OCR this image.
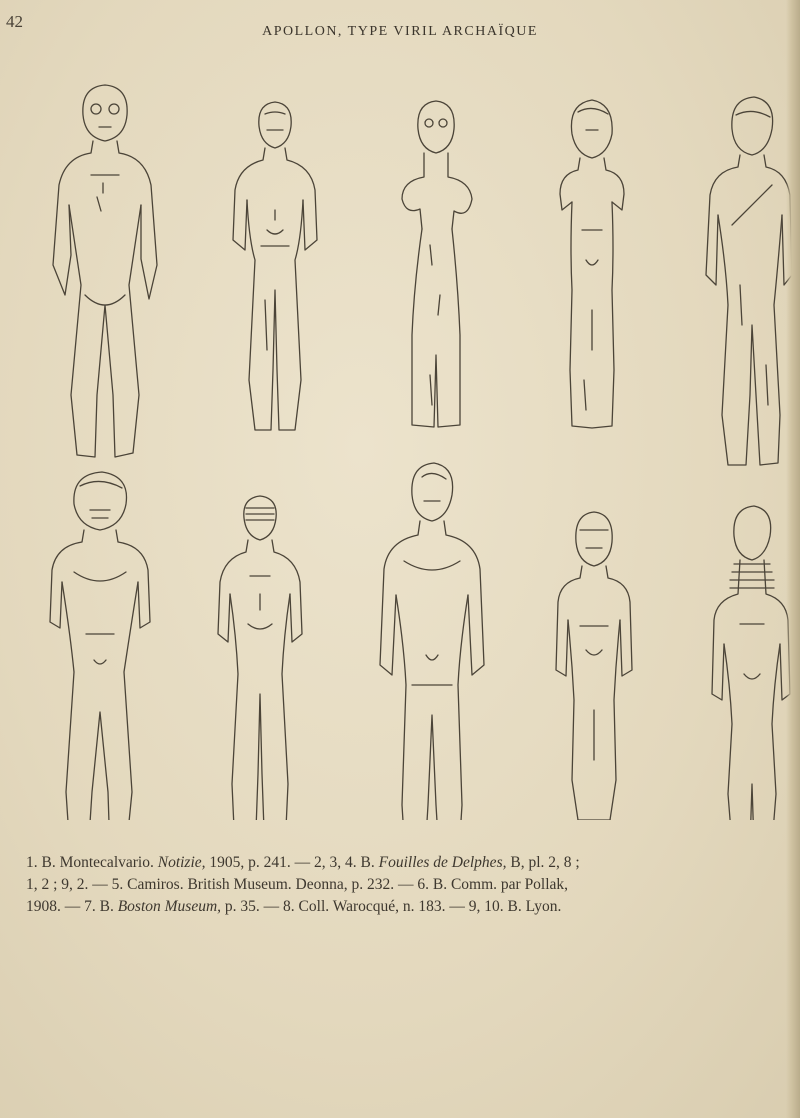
42
APOLLON, TYPE VIRIL ARCHAÏQUE

1. B. Montecalvario. Notizie, 1905, p. 241. — 2, 3, 4. B. Fouilles de Delphes, B, pl. 2, 8 ;

1, 2 ; 9, 2. — 5. Camiros. British Museum. Deonna, p. 232. — 6. B. Comm. par Pollak,

1908. — 7. B. Boston Museum, p. 35. — 8. Coll. Warocqué, n. 183. — 9, 10. B. Lyon.
